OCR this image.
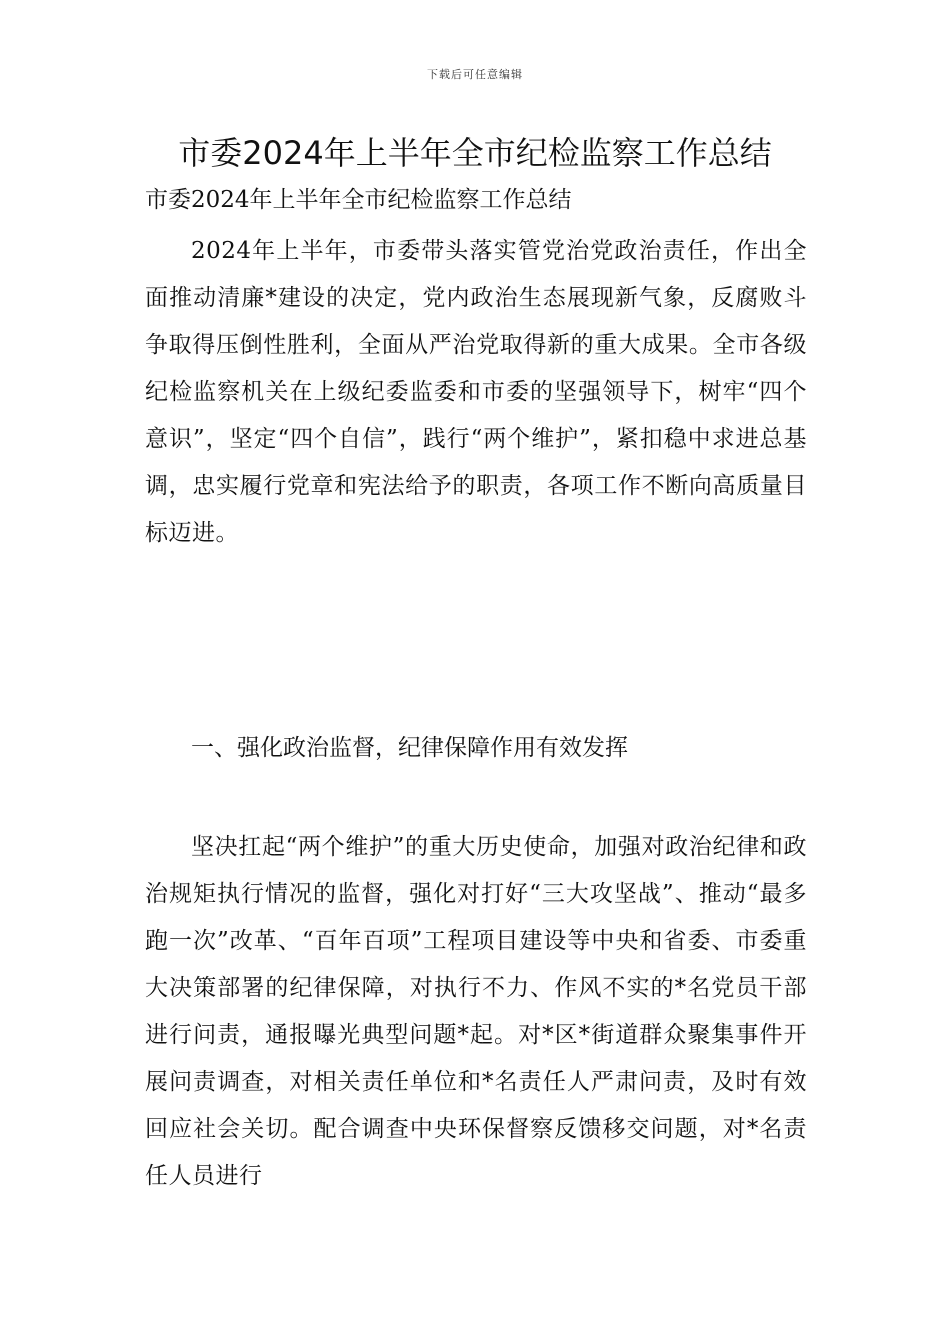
下载后可任意编辑
市委2024年上半年全市纪检监察工作总结

市委2024年上半年全市纪检监察工作总结

2024年上半年，市委带头落实管党治党政治责任，作出全面推动清廉*建设的决定，党内政治生态展现新气象，反腐败斗争取得压倒性胜利，全面从严治党取得新的重大成果。全市各级纪检监察机关在上级纪委监委和市委的坚强领导下，树牢“四个意识”，坚定“四个自信”，践行“两个维护”，紧扣稳中求进总基调，忠实履行党章和宪法给予的职责，各项工作不断向高质量目标迈进。

一、强化政治监督，纪律保障作用有效发挥

坚决扛起“两个维护”的重大历史使命，加强对政治纪律和政治规矩执行情况的监督，强化对打好“三大攻坚战”、推动“最多跑一次”改革、“百年百项”工程项目建设等中央和省委、市委重大决策部署的纪律保障，对执行不力、作风不实的*名党员干部进行问责，通报曝光典型问题*起。对*区*街道群众聚集事件开展问责调查，对相关责任单位和*名责任人严肃问责，及时有效回应社会关切。配合调查中央环保督察反馈移交问题，对*名责任人员进行
